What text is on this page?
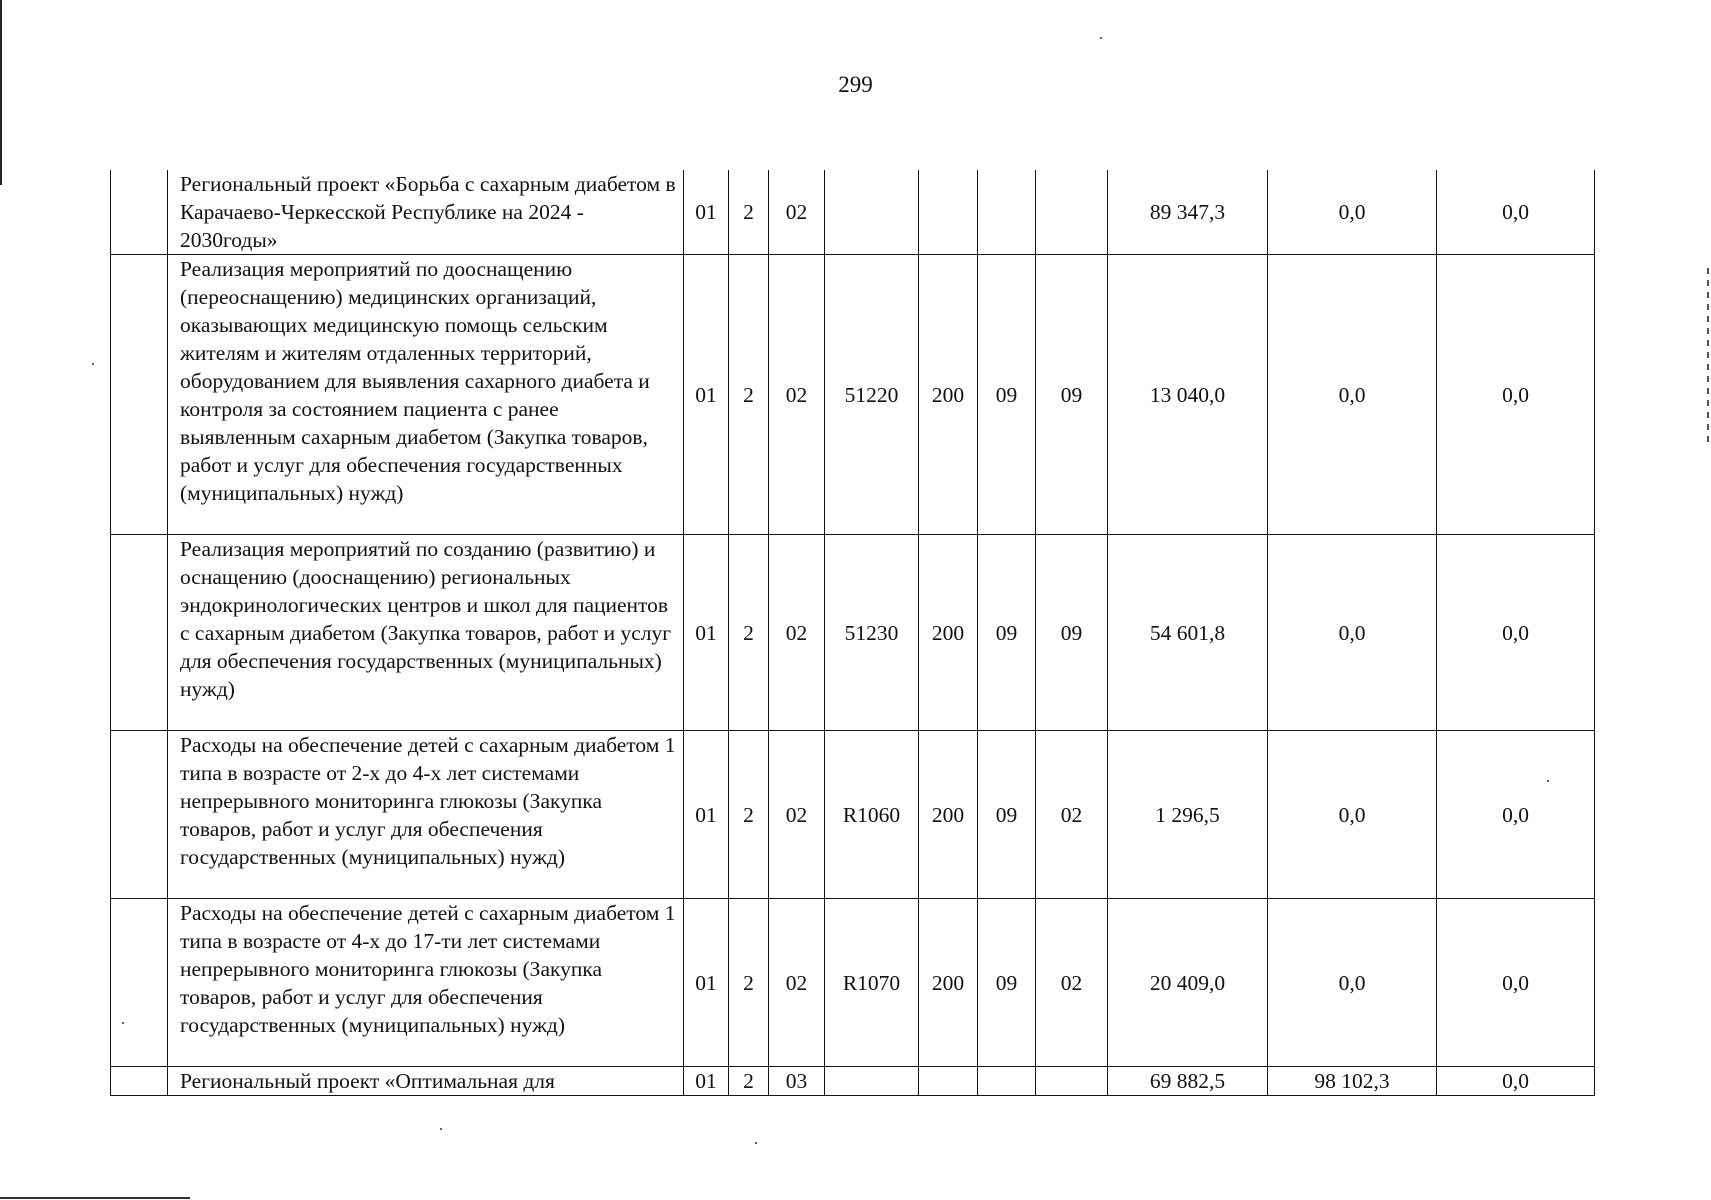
299
	Региональный проект «Борьба с сахарным диабетом в Карачаево-Черкесской Республике на 2024 - 2030годы»	01	2	02					89 347,3	0,0	0,0
	Реализация мероприятий по дооснащению (переоснащению) медицинских организаций, оказывающих медицинскую помощь сельским жителям и жителям отдаленных территорий, оборудованием для выявления сахарного диабета и контроля за состоянием пациента с ранее выявленным сахарным диабетом (Закупка товаров, работ и услуг для обеспечения государственных (муниципальных) нужд)	01	2	02	51220	200	09	09	13 040,0	0,0	0,0
	Реализация мероприятий по созданию (развитию) и оснащению (дооснащению) региональных эндокринологических центров и школ для пациентов с сахарным диабетом (Закупка товаров, работ и услуг для обеспечения государственных (муниципальных) нужд)	01	2	02	51230	200	09	09	54 601,8	0,0	0,0
	Расходы на обеспечение детей с сахарным диабетом 1 типа в возрасте от 2-х до 4-х лет системами непрерывного мониторинга глюкозы (Закупка товаров, работ и услуг для обеспечения государственных (муниципальных) нужд)	01	2	02	R1060	200	09	02	1 296,5	0,0	0,0
	Расходы на обеспечение детей с сахарным диабетом 1 типа в возрасте от 4-х до 17-ти лет системами непрерывного мониторинга глюкозы (Закупка товаров, работ и услуг для обеспечения государственных (муниципальных) нужд)	01	2	02	R1070	200	09	02	20 409,0	0,0	0,0
	Региональный проект «Оптимальная для	01	2	03					69 882,5	98 102,3	0,0
